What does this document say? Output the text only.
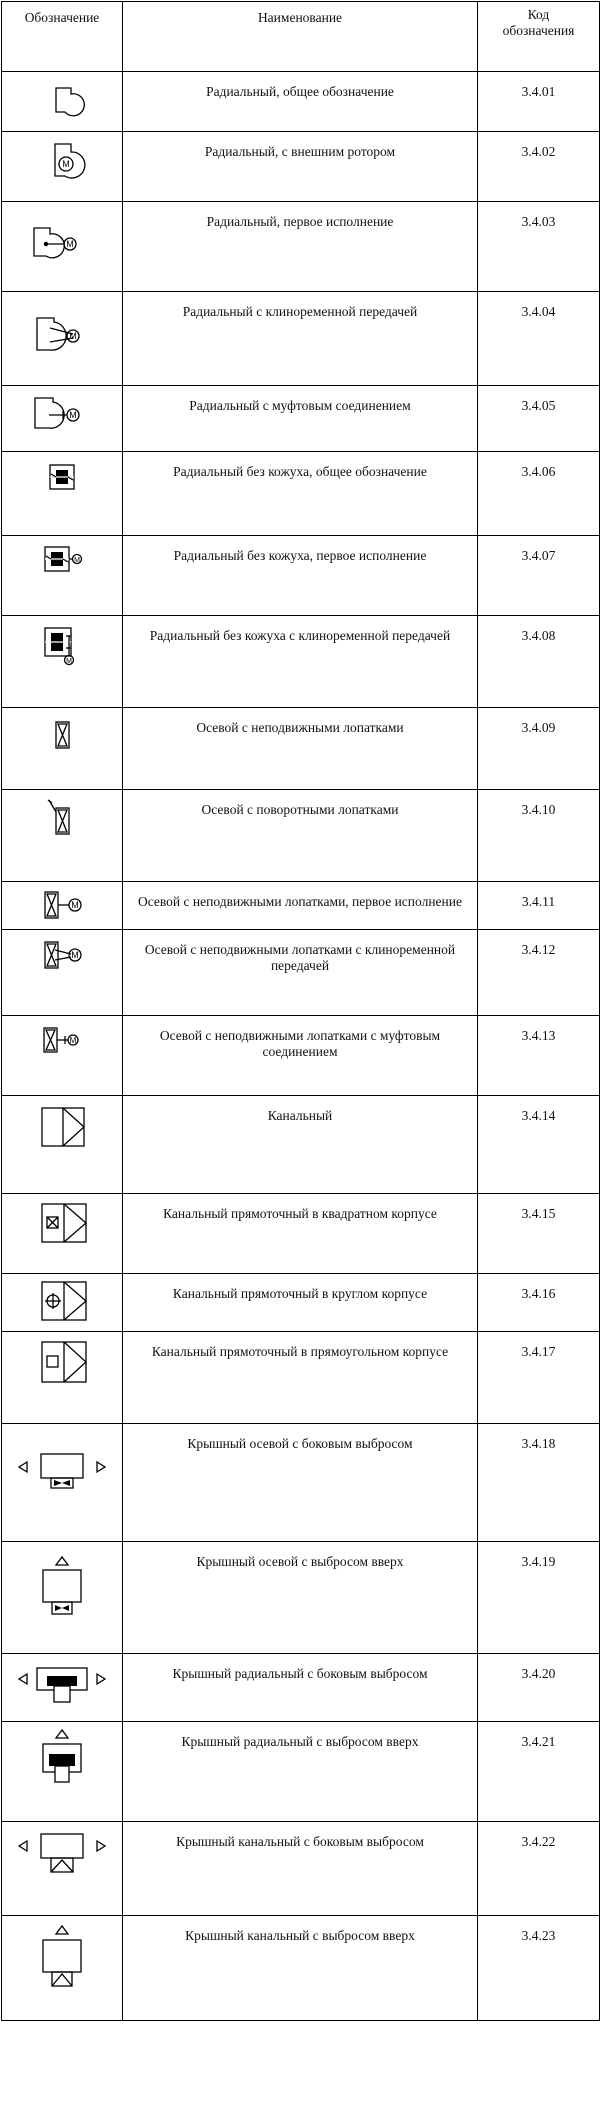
Обозначение	Наименование	Код
обозначения

	Радиальный, общее обозначение	3.4.01

М	Радиальный, с внешним ротором	3.4.02

М	Радиальный, первое исполнение	3.4.03

М	Радиальный с клиноременной передачей	3.4.04

М	Радиальный с муфтовым соединением	3.4.05

	Радиальный без кожуха, общее обозначение	3.4.06

М	Радиальный без кожуха, первое исполнение	3.4.07

М	Радиальный без кожуха с клиноременной передачей	3.4.08

	Осевой с неподвижными лопатками	3.4.09

	Осевой с поворотными лопатками	3.4.10

М	Осевой с неподвижными лопатками, первое исполнение	3.4.11

М	Осевой с неподвижными лопатками с клиноременной передачей	3.4.12

М	Осевой с неподвижными лопатками с муфтовым соединением	3.4.13

	Канальный	3.4.14

	Канальный прямоточный в квадратном корпусе	3.4.15

	Канальный прямоточный в круглом корпусе	3.4.16

	Канальный прямоточный в прямоугольном корпусе	3.4.17

	Крышный осевой с боковым выбросом	3.4.18

	Крышный осевой с выбросом вверх	3.4.19

	Крышный радиальный с боковым выбросом	3.4.20

	Крышный радиальный с выбросом вверх	3.4.21

	Крышный канальный с боковым выбросом	3.4.22

	Крышный канальный с выбросом вверх	3.4.23
